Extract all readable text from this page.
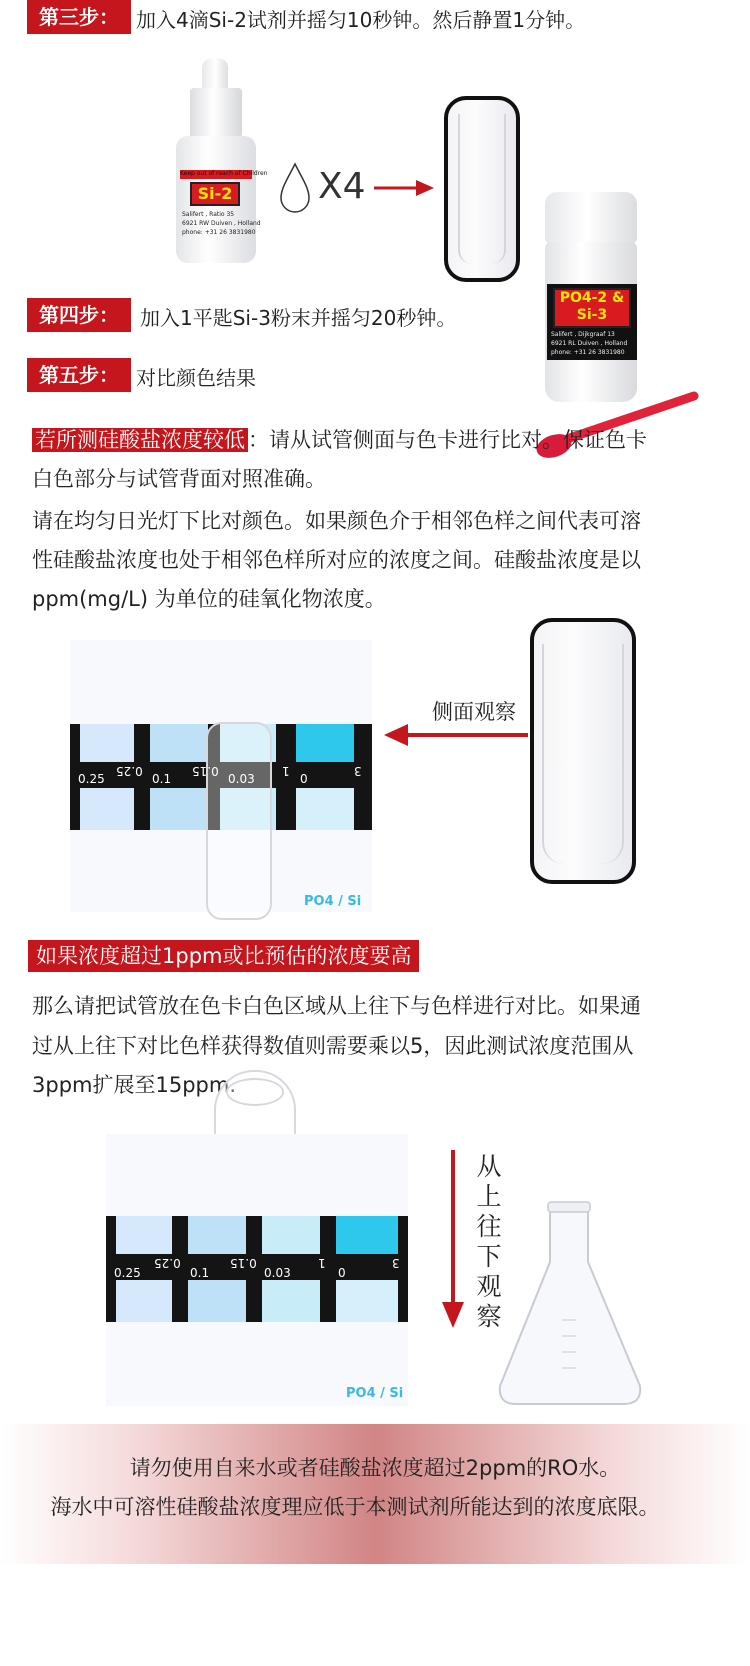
第三步： 加入4滴Si-2试剂并摇匀10秒钟。然后静置1分钟。
Keep out of reach of Children
Si-2
Salifert , Ratio 35
6921 RW Duiven , Holland
phone: +31 26 3831980
X4
PO4-2 &
Si-3
Salifert , Dijkgraaf 13
6921 RL Duiven , Holland
phone: +31 26 3831980
第四步：	加入1平匙Si-3粉末并摇匀20秒钟。
第五步： 对比颜色结果
若所测硅酸盐浓度较低 ：请从试管侧面与色卡进行比对。保证色卡
白色部分与试管背面对照准确。
请在均匀日光灯下比对颜色。如果颜色介于相邻色样之间代表可溶
性硅酸盐浓度也处于相邻色样所对应的浓度之间。硅酸盐浓度是以
ppm(mg/L) 为单位的硅氧化物浓度。
0.25
0.25
0.1
0.15
0.03
1
0
3
PO4 / Si
侧面观察
如果浓度超过1ppm或比预估的浓度要高
那么请把试管放在色卡白色区域从上往下与色样进行对比。如果通
过从上往下对比色样获得数值则需要乘以5，因此测试浓度范围从
3ppm扩展至15ppm.
0.25
0.25
0.1
0.15
0.03
1
0
3
PO4 / Si
从
上
往
下
观
察
请勿使用自来水或者硅酸盐浓度超过2ppm的RO水。
海水中可溶性硅酸盐浓度理应低于本测试剂所能达到的浓度底限。
